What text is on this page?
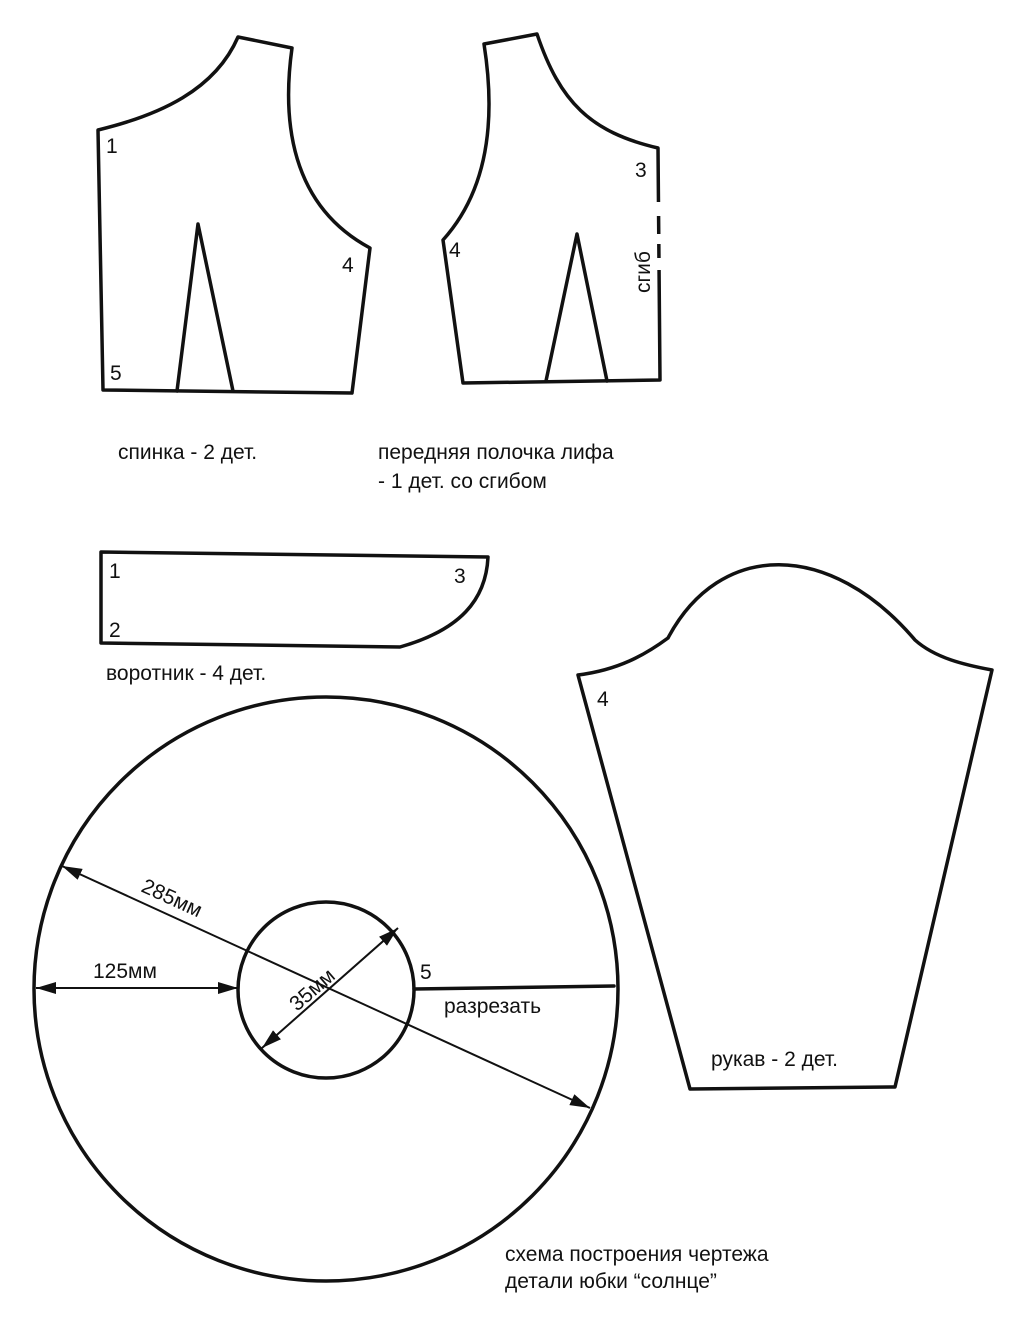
1
4
5
спинка - 2 дет.
3
4
сгиб
передняя полочка лифа
- 1 дет. со сгибом
1
2
3
воротник - 4 дет.
4
рукав - 2 дет.
285мм
125мм	35мм	5
разрезать
схема построения чертежа
детали юбки “солнце”
